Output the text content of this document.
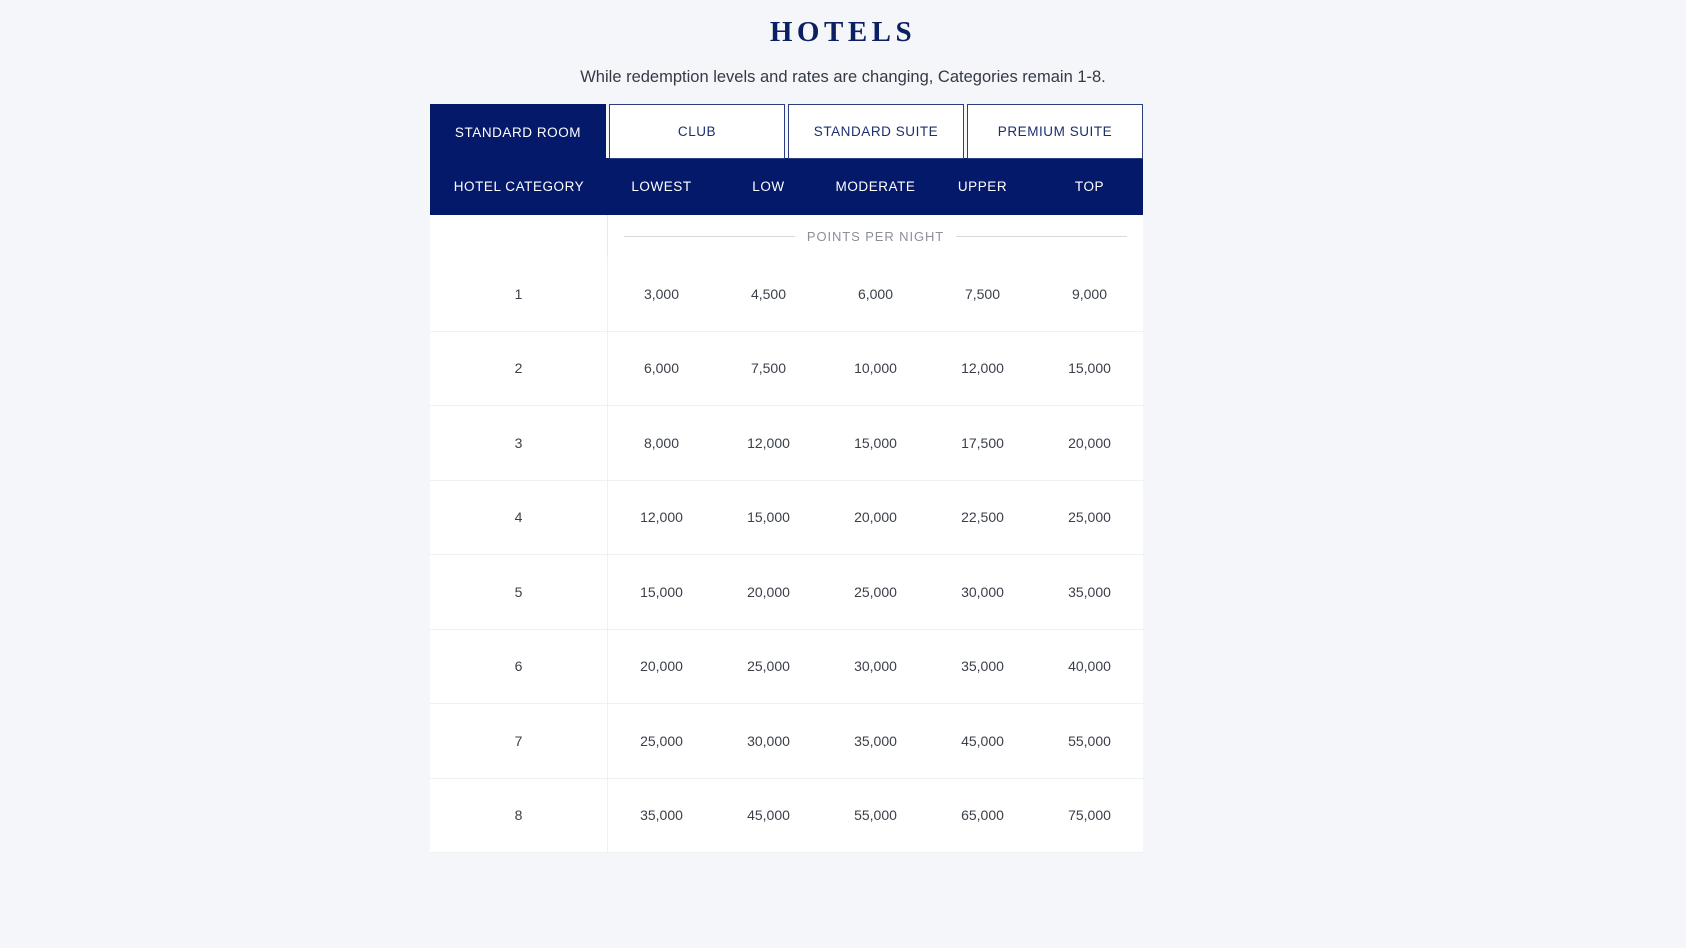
HOTELS

While redemption levels and rates are changing, Categories remain 1-8.

STANDARD ROOM	CLUB	STANDARD SUITE	PREMIUM SUITE
HOTEL CATEGORY	LOWEST	LOW	MODERATE	UPPER	TOP
POINTS PER NIGHT
1	3,000	4,500	6,000	7,500	9,000
2	6,000	7,500	10,000	12,000	15,000
3	8,000	12,000	15,000	17,500	20,000
4	12,000	15,000	20,000	22,500	25,000
5	15,000	20,000	25,000	30,000	35,000
6	20,000	25,000	30,000	35,000	40,000
7	25,000	30,000	35,000	45,000	55,000
8	35,000	45,000	55,000	65,000	75,000
